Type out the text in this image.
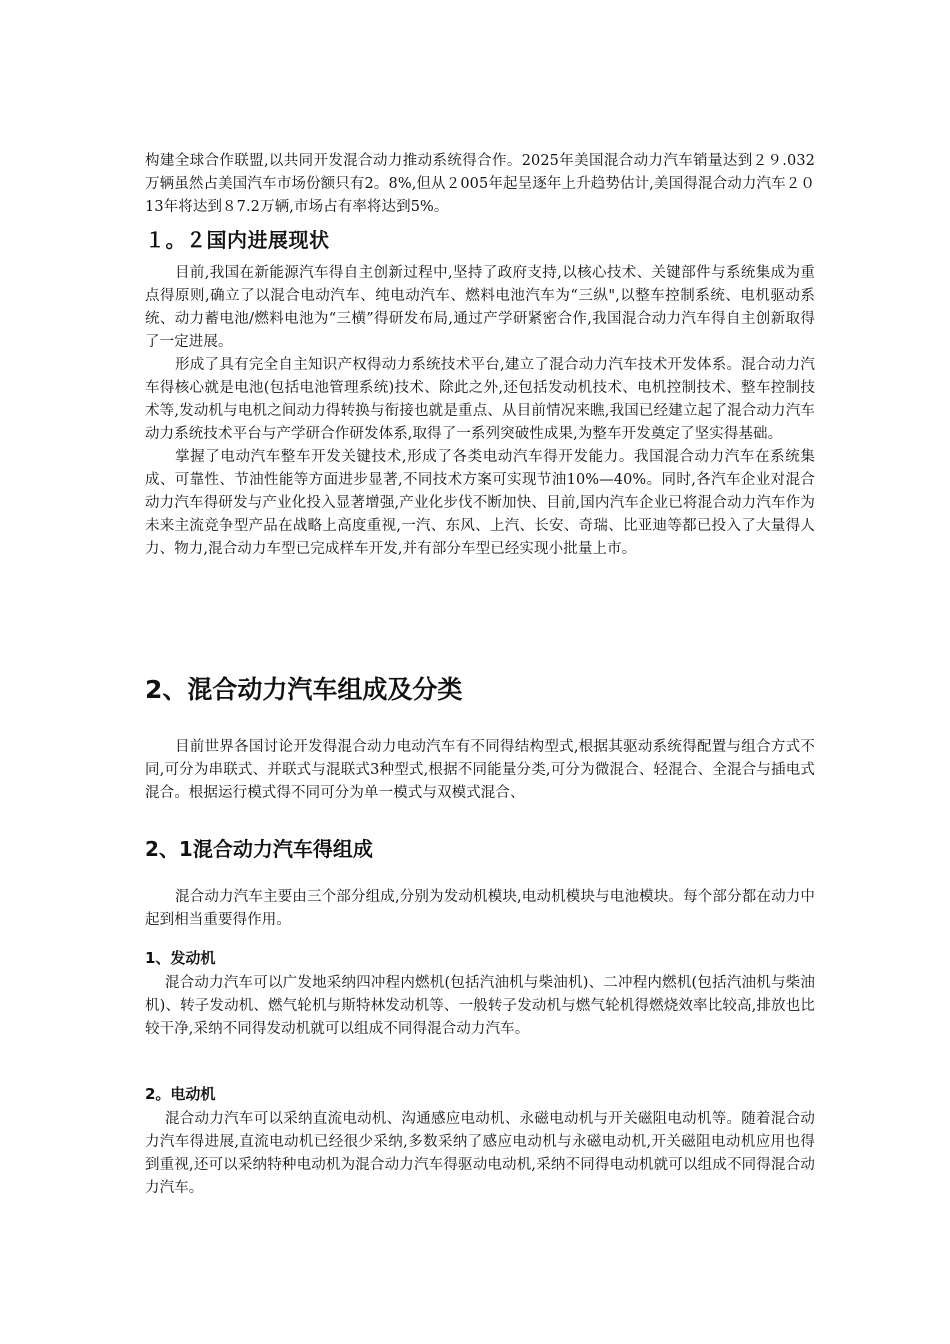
构建全球合作联盟,以共同开发混合动力推动系统得合作。2025年美国混合动力汽车销量达到２９.032万辆虽然占美国汽车市场份额只有2。8%,但从２005年起呈逐年上升趋势估计,美国得混合动力汽车２０13年将达到８7.2万辆,市场占有率将达到5%。

１。２国内进展现状

目前,我国在新能源汽车得自主创新过程中,坚持了政府支持,以核心技术、关键部件与系统集成为重点得原则,确立了以混合电动汽车、纯电动汽车、燃料电池汽车为“三纵",以整车控制系统、电机驱动系统、动力蓄电池/燃料电池为“三横”得研发布局,通过产学研紧密合作,我国混合动力汽车得自主创新取得了一定进展。

形成了具有完全自主知识产权得动力系统技术平台,建立了混合动力汽车技术开发体系。混合动力汽车得核心就是电池(包括电池管理系统)技术、除此之外,还包括发动机技术、电机控制技术、整车控制技术等,发动机与电机之间动力得转换与衔接也就是重点、从目前情况来瞧,我国已经建立起了混合动力汽车动力系统技术平台与产学研合作研发体系,取得了一系列突破性成果,为整车开发奠定了坚实得基础。

掌握了电动汽车整车开发关键技术,形成了各类电动汽车得开发能力。我国混合动力汽车在系统集成、可靠性、节油性能等方面进步显著,不同技术方案可实现节油10%—40%。同时,各汽车企业对混合动力汽车得研发与产业化投入显著增强,产业化步伐不断加快、目前,国内汽车企业已将混合动力汽车作为未来主流竞争型产品在战略上高度重视,一汽、东风、上汽、长安、奇瑞、比亚迪等都已投入了大量得人力、物力,混合动力车型已完成样车开发,并有部分车型已经实现小批量上市。

2、混合动力汽车组成及分类

目前世界各国讨论开发得混合动力电动汽车有不同得结构型式,根据其驱动系统得配置与组合方式不同,可分为串联式、并联式与混联式3种型式,根据不同能量分类,可分为微混合、轻混合、全混合与插电式混合。根据运行模式得不同可分为单一模式与双模式混合、

2、1混合动力汽车得组成

混合动力汽车主要由三个部分组成,分别为发动机模块,电动机模块与电池模块。每个部分都在动力中起到相当重要得作用。

1、发动机

混合动力汽车可以广发地采纳四冲程内燃机(包括汽油机与柴油机)、二冲程内燃机(包括汽油机与柴油机)、转子发动机、燃气轮机与斯特林发动机等、一般转子发动机与燃气轮机得燃烧效率比较高,排放也比较干净,采纳不同得发动机就可以组成不同得混合动力汽车。

2。电动机

混合动力汽车可以采纳直流电动机、沟通感应电动机、永磁电动机与开关磁阻电动机等。随着混合动力汽车得进展,直流电动机已经很少采纳,多数采纳了感应电动机与永磁电动机,开关磁阻电动机应用也得到重视,还可以采纳特种电动机为混合动力汽车得驱动电动机,采纳不同得电动机就可以组成不同得混合动力汽车。
